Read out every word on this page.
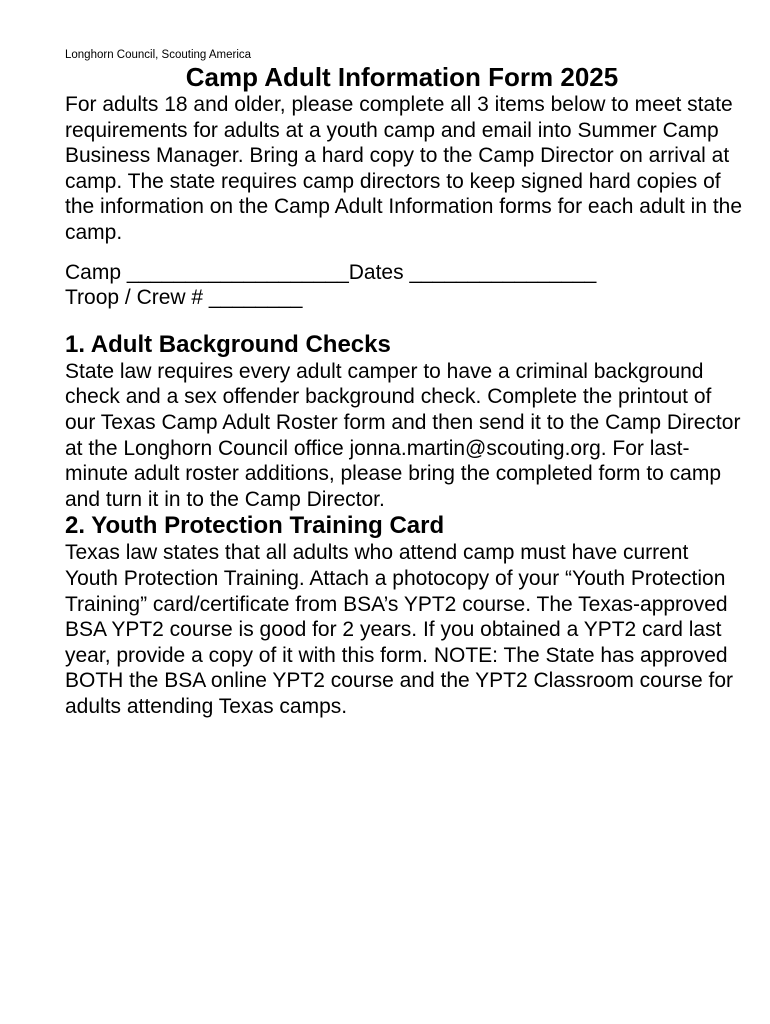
Longhorn Council, Scouting America
Camp Adult Information Form 2025

For adults 18 and older, please complete all 3 items below to meet state requirements for adults at a youth camp and email into Summer Camp Business Manager. Bring a hard copy to the Camp Director on arrival at camp. The state requires camp directors to keep signed hard copies of the information on the Camp Adult Information forms for each adult in the camp.

Camp ___________________Dates ________________
Troop / Crew # ________
1. Adult Background Checks

State law requires every adult camper to have a criminal background check and a sex offender background check. Complete the printout of our Texas Camp Adult Roster form and then send it to the Camp Director at the Longhorn Council office jonna.martin@scouting.org. For last-minute adult roster additions, please bring the completed form to camp and turn it in to the Camp Director.

2. Youth Protection Training Card

Texas law states that all adults who attend camp must have current Youth Protection Training. Attach a photocopy of your “Youth Protection Training” card/certificate from BSA’s YPT2 course. The Texas-approved BSA YPT2 course is good for 2 years. If you obtained a YPT2 card last year, provide a copy of it with this form. NOTE: The State has approved BOTH the BSA online YPT2 course and the YPT2 Classroom course for adults attending Texas camps.
